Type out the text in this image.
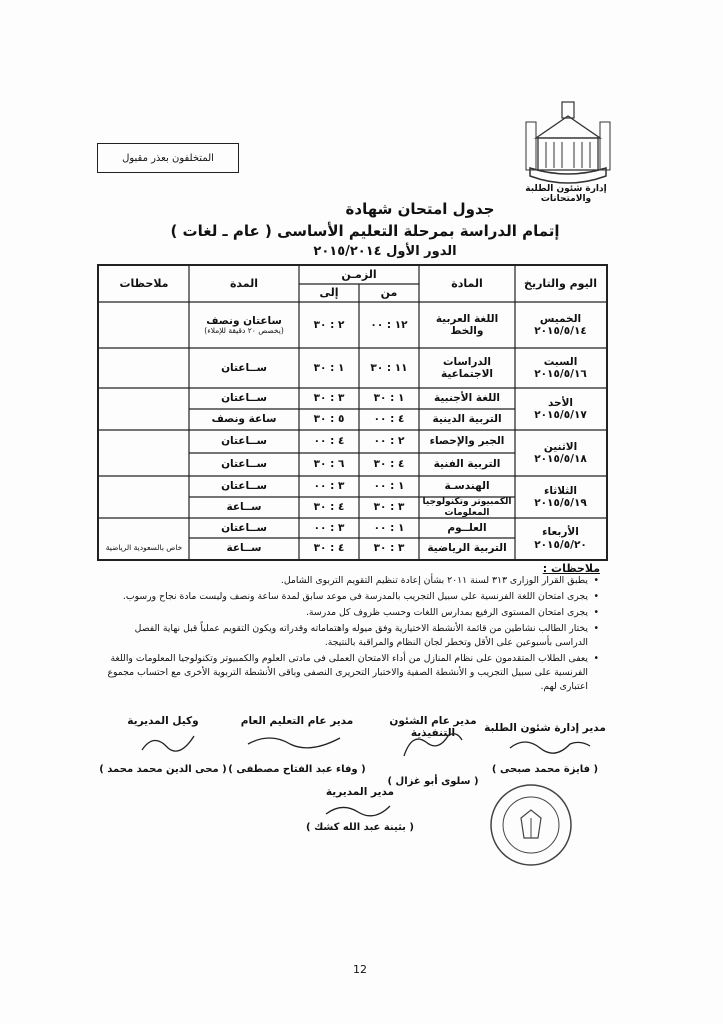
المتخلفون بعذر مقبول
إدارة شئون الطلبة والامتحانات
جدول امتحان شهادة
إتمام الدراسة بمرحلة التعليم الأساسى ( عام ـ لغات )
الدور الأول ٢٠١٥/٢٠١٤
اليوم والتاريخ
المادة
الزمـن
من
إلى
المدة
ملاحظات
الخميس
٢٠١٥/٥/١٤
السبت
٢٠١٥/٥/١٦
الأحد
٢٠١٥/٥/١٧
الاثنين
٢٠١٥/٥/١٨
الثلاثاء
٢٠١٥/٥/١٩
الأربعاء
٢٠١٥/٥/٢٠
اللغة العربية والخط
١٢ : ٠٠
٢ : ٣٠
ساعتان ونصف
(يخصص ٢٠ دقيقة للإملاء)
الدراسات الاجتماعية
١١ : ٣٠
١ : ٣٠
ســاعتان
اللغة الأجنبية
١ : ٣٠
٣ : ٣٠
ســاعتان
التربية الدينية
٤ : ٠٠
٥ : ٣٠
ساعة ونصف
الجبر والإحصاء
٢ : ٠٠
٤ : ٠٠
ســاعتان
التربية الفنية
٤ : ٣٠
٦ : ٣٠
ســاعتان
الهندسـة
١ : ٠٠
٣ : ٠٠
ســاعتان
الكمبيوتر وتكنولوجيا المعلومات
٣ : ٣٠
٤ : ٣٠
ســاعة
العلــوم
١ : ٠٠
٣ : ٠٠
ســاعتان
التربية الرياضية
٣ : ٣٠
٤ : ٣٠
ســاعة
خاص بالسعودية الرياضية
ملاحظات :
• يطبق القرار الوزارى ٣١٣ لسنة ٢٠١١ بشأن إعادة تنظيم التقويم التربوى الشامل.
• يجرى امتحان اللغة الفرنسية على سبيل التجريب بالمدرسة فى موعد سابق لمدة ساعة ونصف وليست مادة نجاح ورسوب.
• يجرى امتحان المستوى الرفيع بمدارس اللغات وحسب ظروف كل مدرسة.
• يختار الطالب نشاطين من قائمة الأنشطة الاختيارية وفق ميوله واهتماماته وقدراته ويكون التقويم عملياً قبل نهاية الفصل الدراسى بأسبوعين على الأقل وتخطر لجان النظام والمراقبة بالنتيجة.
• يعفى الطلاب المتقدمون على نظام المنازل من أداء الامتحان العملى فى مادتى العلوم والكمبيوتر وتكنولوجيا المعلومات واللغة الفرنسية على سبيل التجريب و الأنشطة الصفية والاختبار التحريرى النصفى وباقى الأنشطة التربوية الأخرى مع احتساب مجموع اعتبارى لهم.
مدير إدارة شئون الطلبة
( فايزة محمد صبحى )
مدير عام الشئون التنفيذية
( سلوى أبو غزال )
مدير عام التعليم العام
( وفاء عبد الفتاح مصطفى )
وكيل المديرية
( محى الدين محمد محمد )
مدير المديرية
( بثينة عبد الله كشك )
12
